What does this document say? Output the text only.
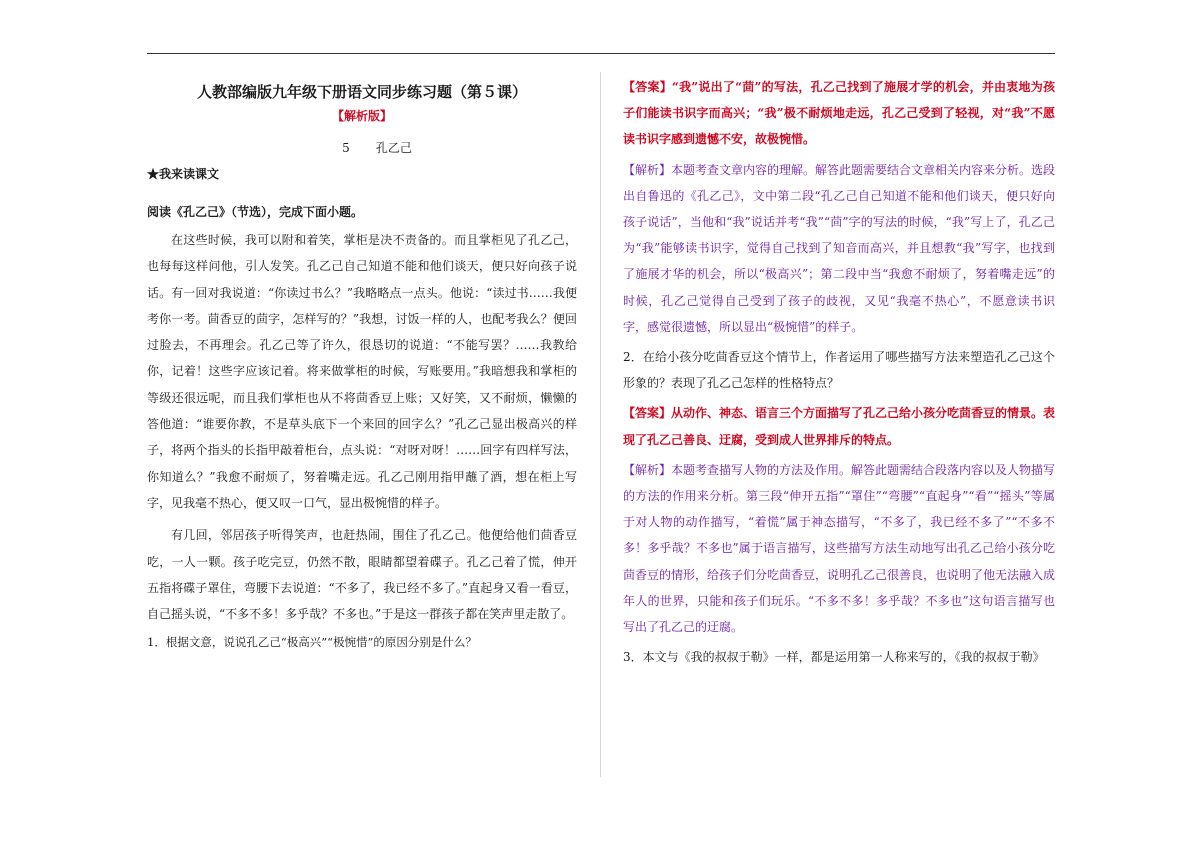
人教部编版九年级下册语文同步练习题（第５课）

【解析版】

5 孔乙己

★我来读课文

阅读《孔乙己》（节选），完成下面小题。

在这些时候，我可以附和着笑，掌柜是决不责备的。而且掌柜见了孔乙己，也每每这样问他，引人发笑。孔乙己自己知道不能和他们谈天，便只好向孩子说话。有一回对我说道：“你读过书么？”我略略点一点头。他说：“读过书……我便考你一考。茴香豆的茴字，怎样写的？”我想，讨饭一样的人，也配考我么？便回过脸去，不再理会。孔乙己等了许久，很恳切的说道：“不能写罢？……我教给你，记着！这些字应该记着。将来做掌柜的时候，写账要用。”我暗想我和掌柜的等级还很远呢，而且我们掌柜也从不将茴香豆上账；又好笑，又不耐烦，懒懒的答他道：“谁要你教，不是草头底下一个来回的回字么？”孔乙己显出极高兴的样子，将两个指头的长指甲敲着柜台，点头说：“对呀对呀！……回字有四样写法，你知道么？”我愈不耐烦了，努着嘴走远。孔乙己刚用指甲蘸了酒，想在柜上写字，见我毫不热心，便又叹一口气，显出极惋惜的样子。

有几回，邻居孩子听得笑声，也赶热闹，围住了孔乙己。他便给他们茴香豆吃，一人一颗。孩子吃完豆，仍然不散，眼睛都望着碟子。孔乙己着了慌，伸开五指将碟子罩住，弯腰下去说道：“不多了，我已经不多了。”直起身又看一看豆，自己摇头说，“不多不多！多乎哉？不多也。”于是这一群孩子都在笑声里走散了。

1．根据文意，说说孔乙己“极高兴”“极惋惜”的原因分别是什么？

【答案】“我”说出了“茴”的写法，孔乙己找到了施展才学的机会，并由衷地为孩子们能读书识字而高兴；“我”极不耐烦地走远，孔乙己受到了轻视，对“我”不愿读书识字感到遗憾不安，故极惋惜。

【解析】本题考查文章内容的理解。解答此题需要结合文章相关内容来分析。选段出自鲁迅的《孔乙己》，文中第二段“孔乙己自己知道不能和他们谈天，便只好向孩子说话”，当他和“我”说话并考“我”“茴”字的写法的时候，“我”写上了，孔乙己为“我”能够读书识字，觉得自己找到了知音而高兴，并且想教“我”写字，也找到了施展才华的机会，所以“极高兴”；第二段中当“我愈不耐烦了，努着嘴走远”的时候，孔乙己觉得自己受到了孩子的歧视，又见“我毫不热心”，不愿意读书识字，感觉很遗憾，所以显出“极惋惜”的样子。

2．在给小孩分吃茴香豆这个情节上，作者运用了哪些描写方法来塑造孔乙己这个形象的？表现了孔乙己怎样的性格特点？

【答案】从动作、神态、语言三个方面描写了孔乙己给小孩分吃茴香豆的情景。表现了孔乙己善良、迂腐，受到成人世界排斥的特点。

【解析】本题考查描写人物的方法及作用。解答此题需结合段落内容以及人物描写的方法的作用来分析。第三段“伸开五指”“罩住”“弯腰”“直起身”“看”“摇头”等属于对人物的动作描写，“着慌”属于神态描写，“不多了，我已经不多了”“不多不多！多乎哉？不多也”属于语言描写，这些描写方法生动地写出孔乙己给小孩分吃茴香豆的情形，给孩子们分吃茴香豆，说明孔乙己很善良，也说明了他无法融入成年人的世界，只能和孩子们玩乐。“不多不多！多乎哉？不多也”这句语言描写也写出了孔乙己的迂腐。

3．本文与《我的叔叔于勒》一样，都是运用第一人称来写的，《我的叔叔于勒》
